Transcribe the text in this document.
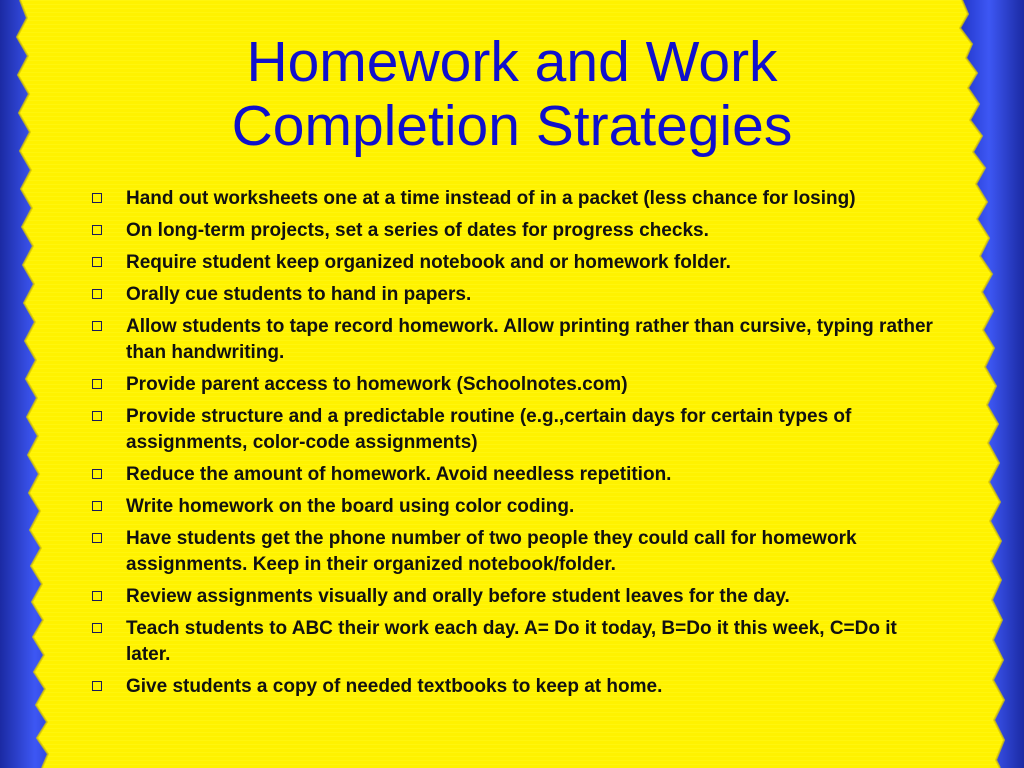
Homework and Work
Completion Strategies
Hand out worksheets one at a time instead of in a packet (less chance for losing)
On long-term projects, set a series of dates for progress checks.
Require student keep organized notebook and or homework folder.
Orally cue students to hand in papers.
Allow students to tape record homework. Allow printing rather than cursive, typing rather than handwriting.
Provide parent access to homework (Schoolnotes.com)
Provide structure and a predictable routine (e.g.,certain days for certain types of assignments, color-code assignments)
Reduce the amount of homework. Avoid needless repetition.
Write homework on the board using color coding.
Have students get the phone number of two people they could call for homework assignments. Keep in their organized notebook/folder.
Review assignments visually and orally before student leaves for the day.
Teach students to ABC their work each day. A= Do it today, B=Do it this week, C=Do it later.
Give students a copy of needed textbooks to keep at home.
